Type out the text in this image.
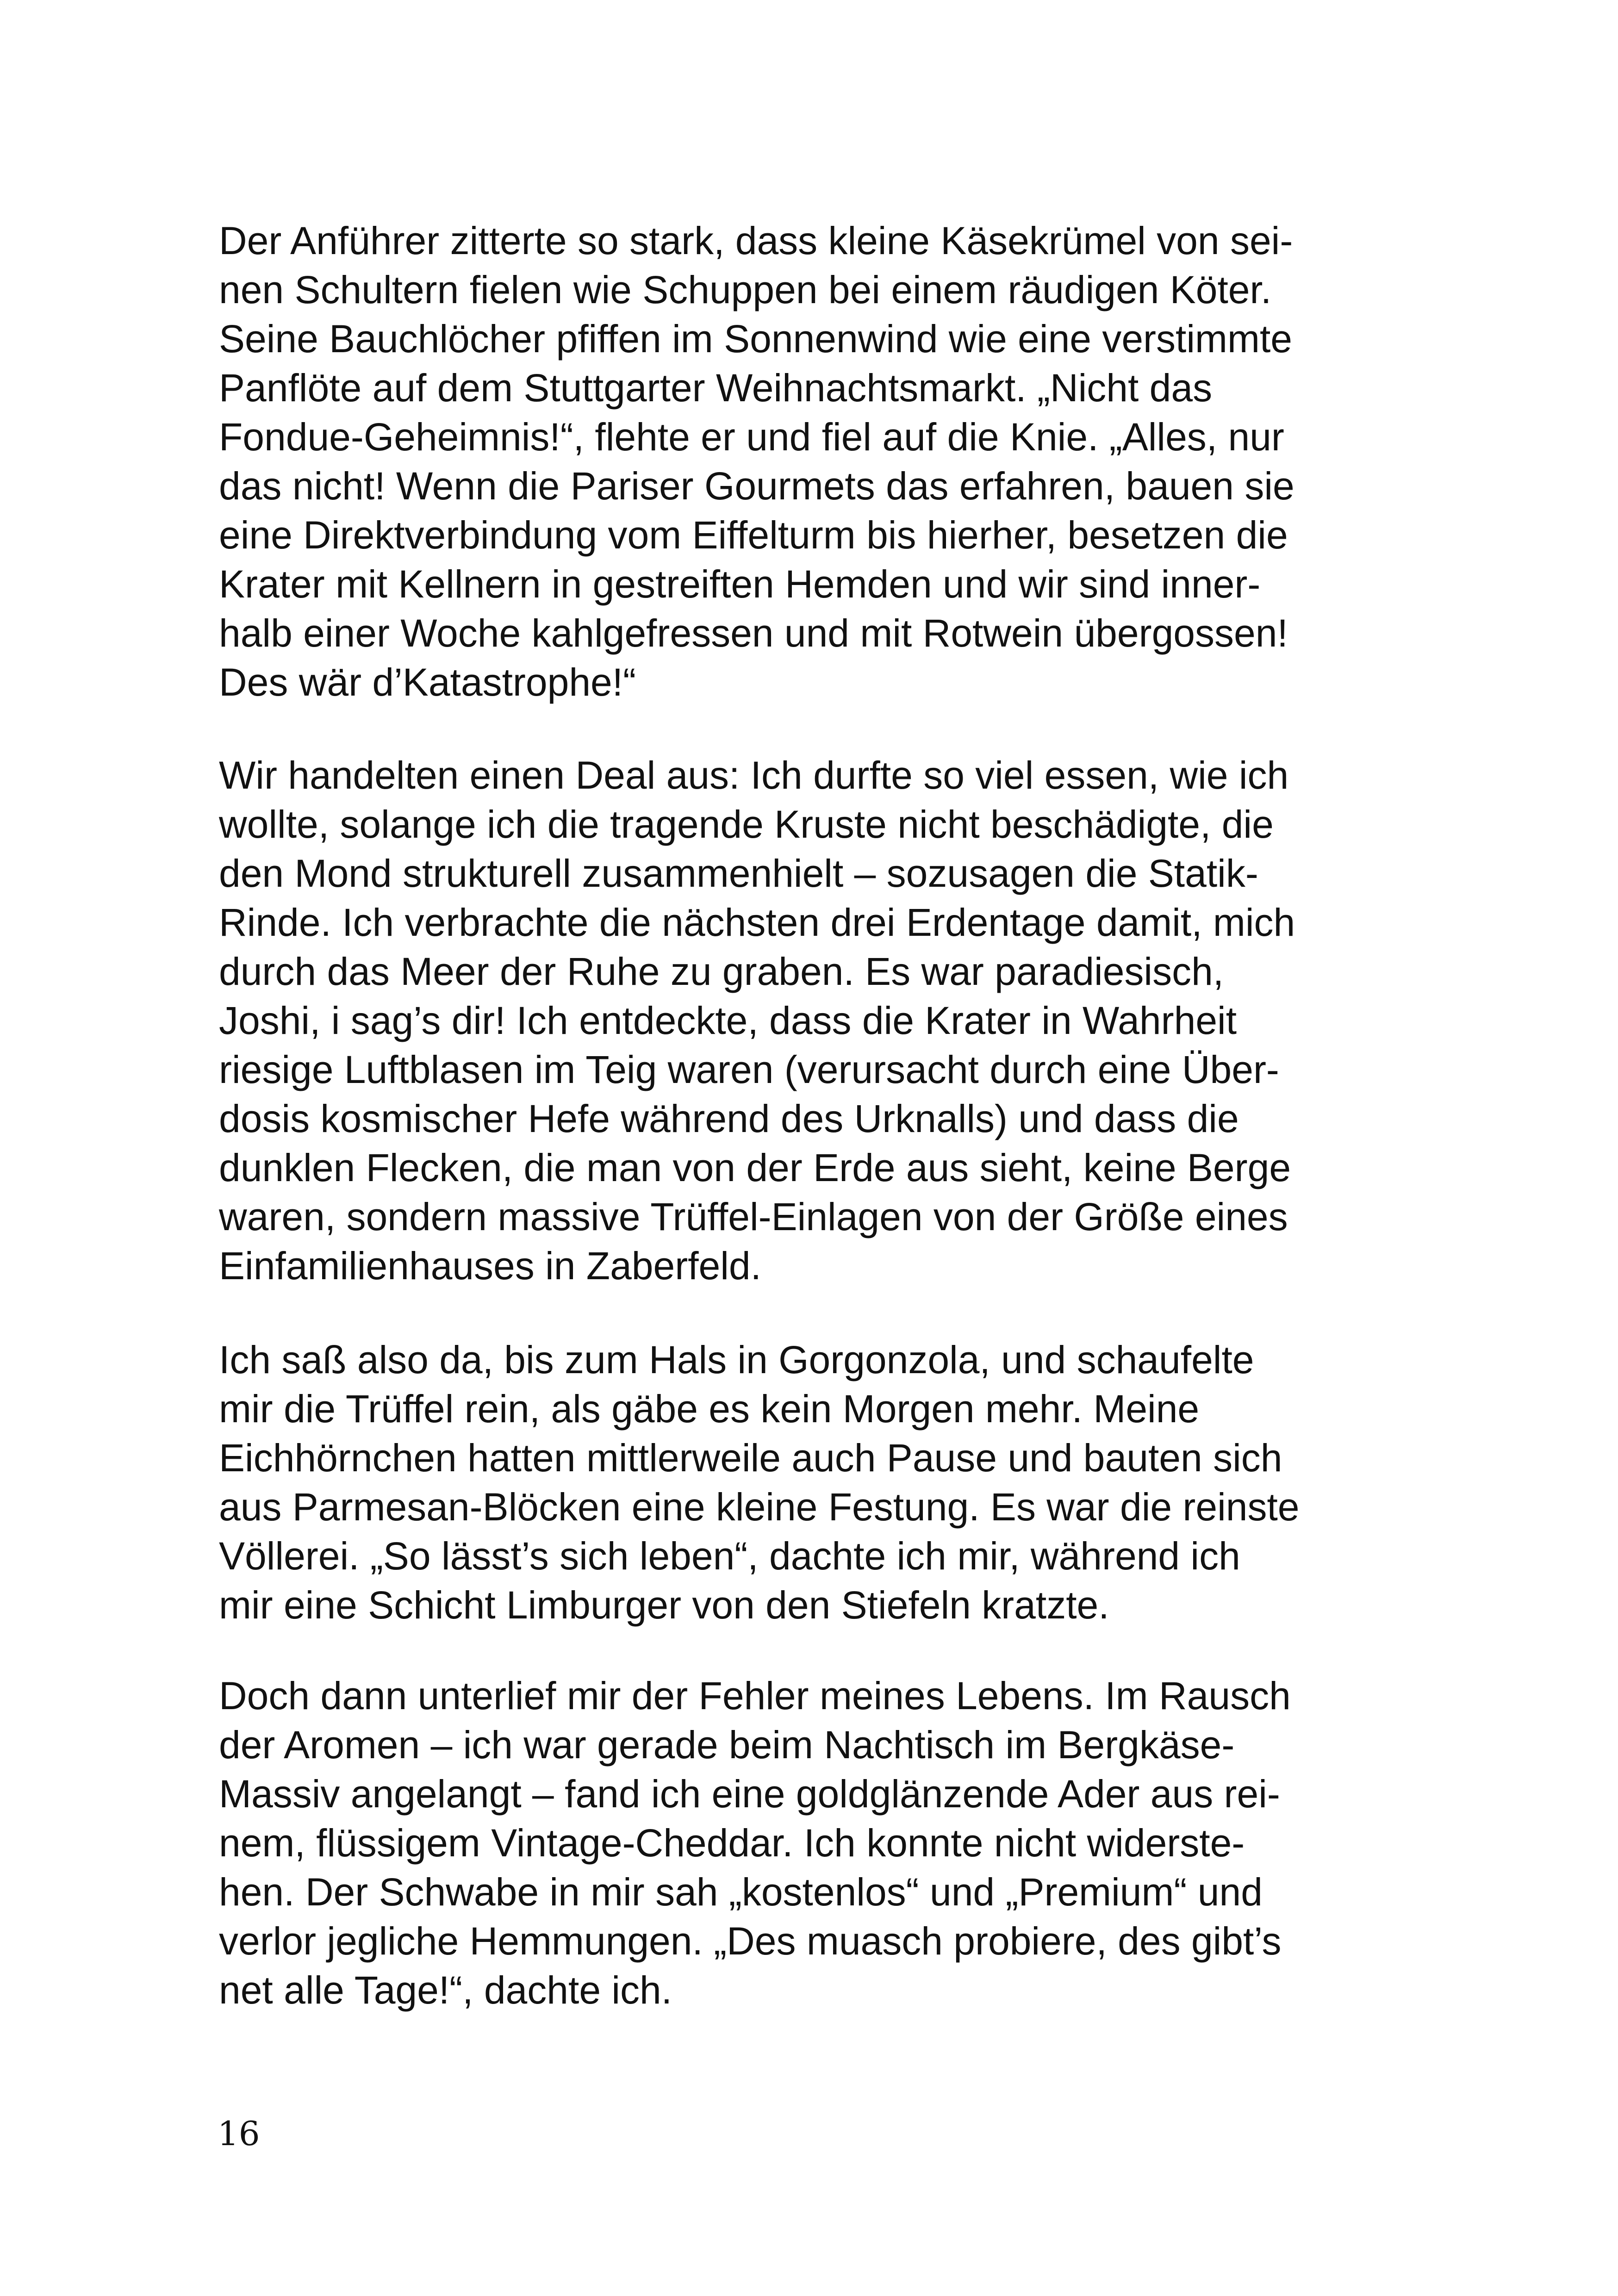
Der Anführer zitterte so stark, dass kleine Käsekrümel von sei-
nen Schultern fielen wie Schuppen bei einem räudigen Köter.
Seine Bauchlöcher pfiffen im Sonnenwind wie eine verstimmte
Panflöte auf dem Stuttgarter Weihnachtsmarkt. „Nicht das
Fondue-Geheimnis!“, flehte er und fiel auf die Knie. „Alles, nur
das nicht! Wenn die Pariser Gourmets das erfahren, bauen sie
eine Direktverbindung vom Eiffelturm bis hierher, besetzen die
Krater mit Kellnern in gestreiften Hemden und wir sind inner-
halb einer Woche kahlgefressen und mit Rotwein übergossen!
Des wär d’Katastrophe!“

Wir handelten einen Deal aus: Ich durfte so viel essen, wie ich
wollte, solange ich die tragende Kruste nicht beschädigte, die
den Mond strukturell zusammenhielt – sozusagen die Statik-
Rinde. Ich verbrachte die nächsten drei Erdentage damit, mich
durch das Meer der Ruhe zu graben. Es war paradiesisch,
Joshi, i sag’s dir! Ich entdeckte, dass die Krater in Wahrheit
riesige Luftblasen im Teig waren (verursacht durch eine Über-
dosis kosmischer Hefe während des Urknalls) und dass die
dunklen Flecken, die man von der Erde aus sieht, keine Berge
waren, sondern massive Trüffel-Einlagen von der Größe eines
Einfamilienhauses in Zaberfeld.

Ich saß also da, bis zum Hals in Gorgonzola, und schaufelte
mir die Trüffel rein, als gäbe es kein Morgen mehr. Meine
Eichhörnchen hatten mittlerweile auch Pause und bauten sich
aus Parmesan-Blöcken eine kleine Festung. Es war die reinste
Völlerei. „So lässt’s sich leben“, dachte ich mir, während ich
mir eine Schicht Limburger von den Stiefeln kratzte.

Doch dann unterlief mir der Fehler meines Lebens. Im Rausch
der Aromen – ich war gerade beim Nachtisch im Bergkäse-
Massiv angelangt – fand ich eine goldglänzende Ader aus rei-
nem, flüssigem Vintage-Cheddar. Ich konnte nicht widerste-
hen. Der Schwabe in mir sah „kostenlos“ und „Premium“ und
verlor jegliche Hemmungen. „Des muasch probiere, des gibt’s
net alle Tage!“, dachte ich.

16
